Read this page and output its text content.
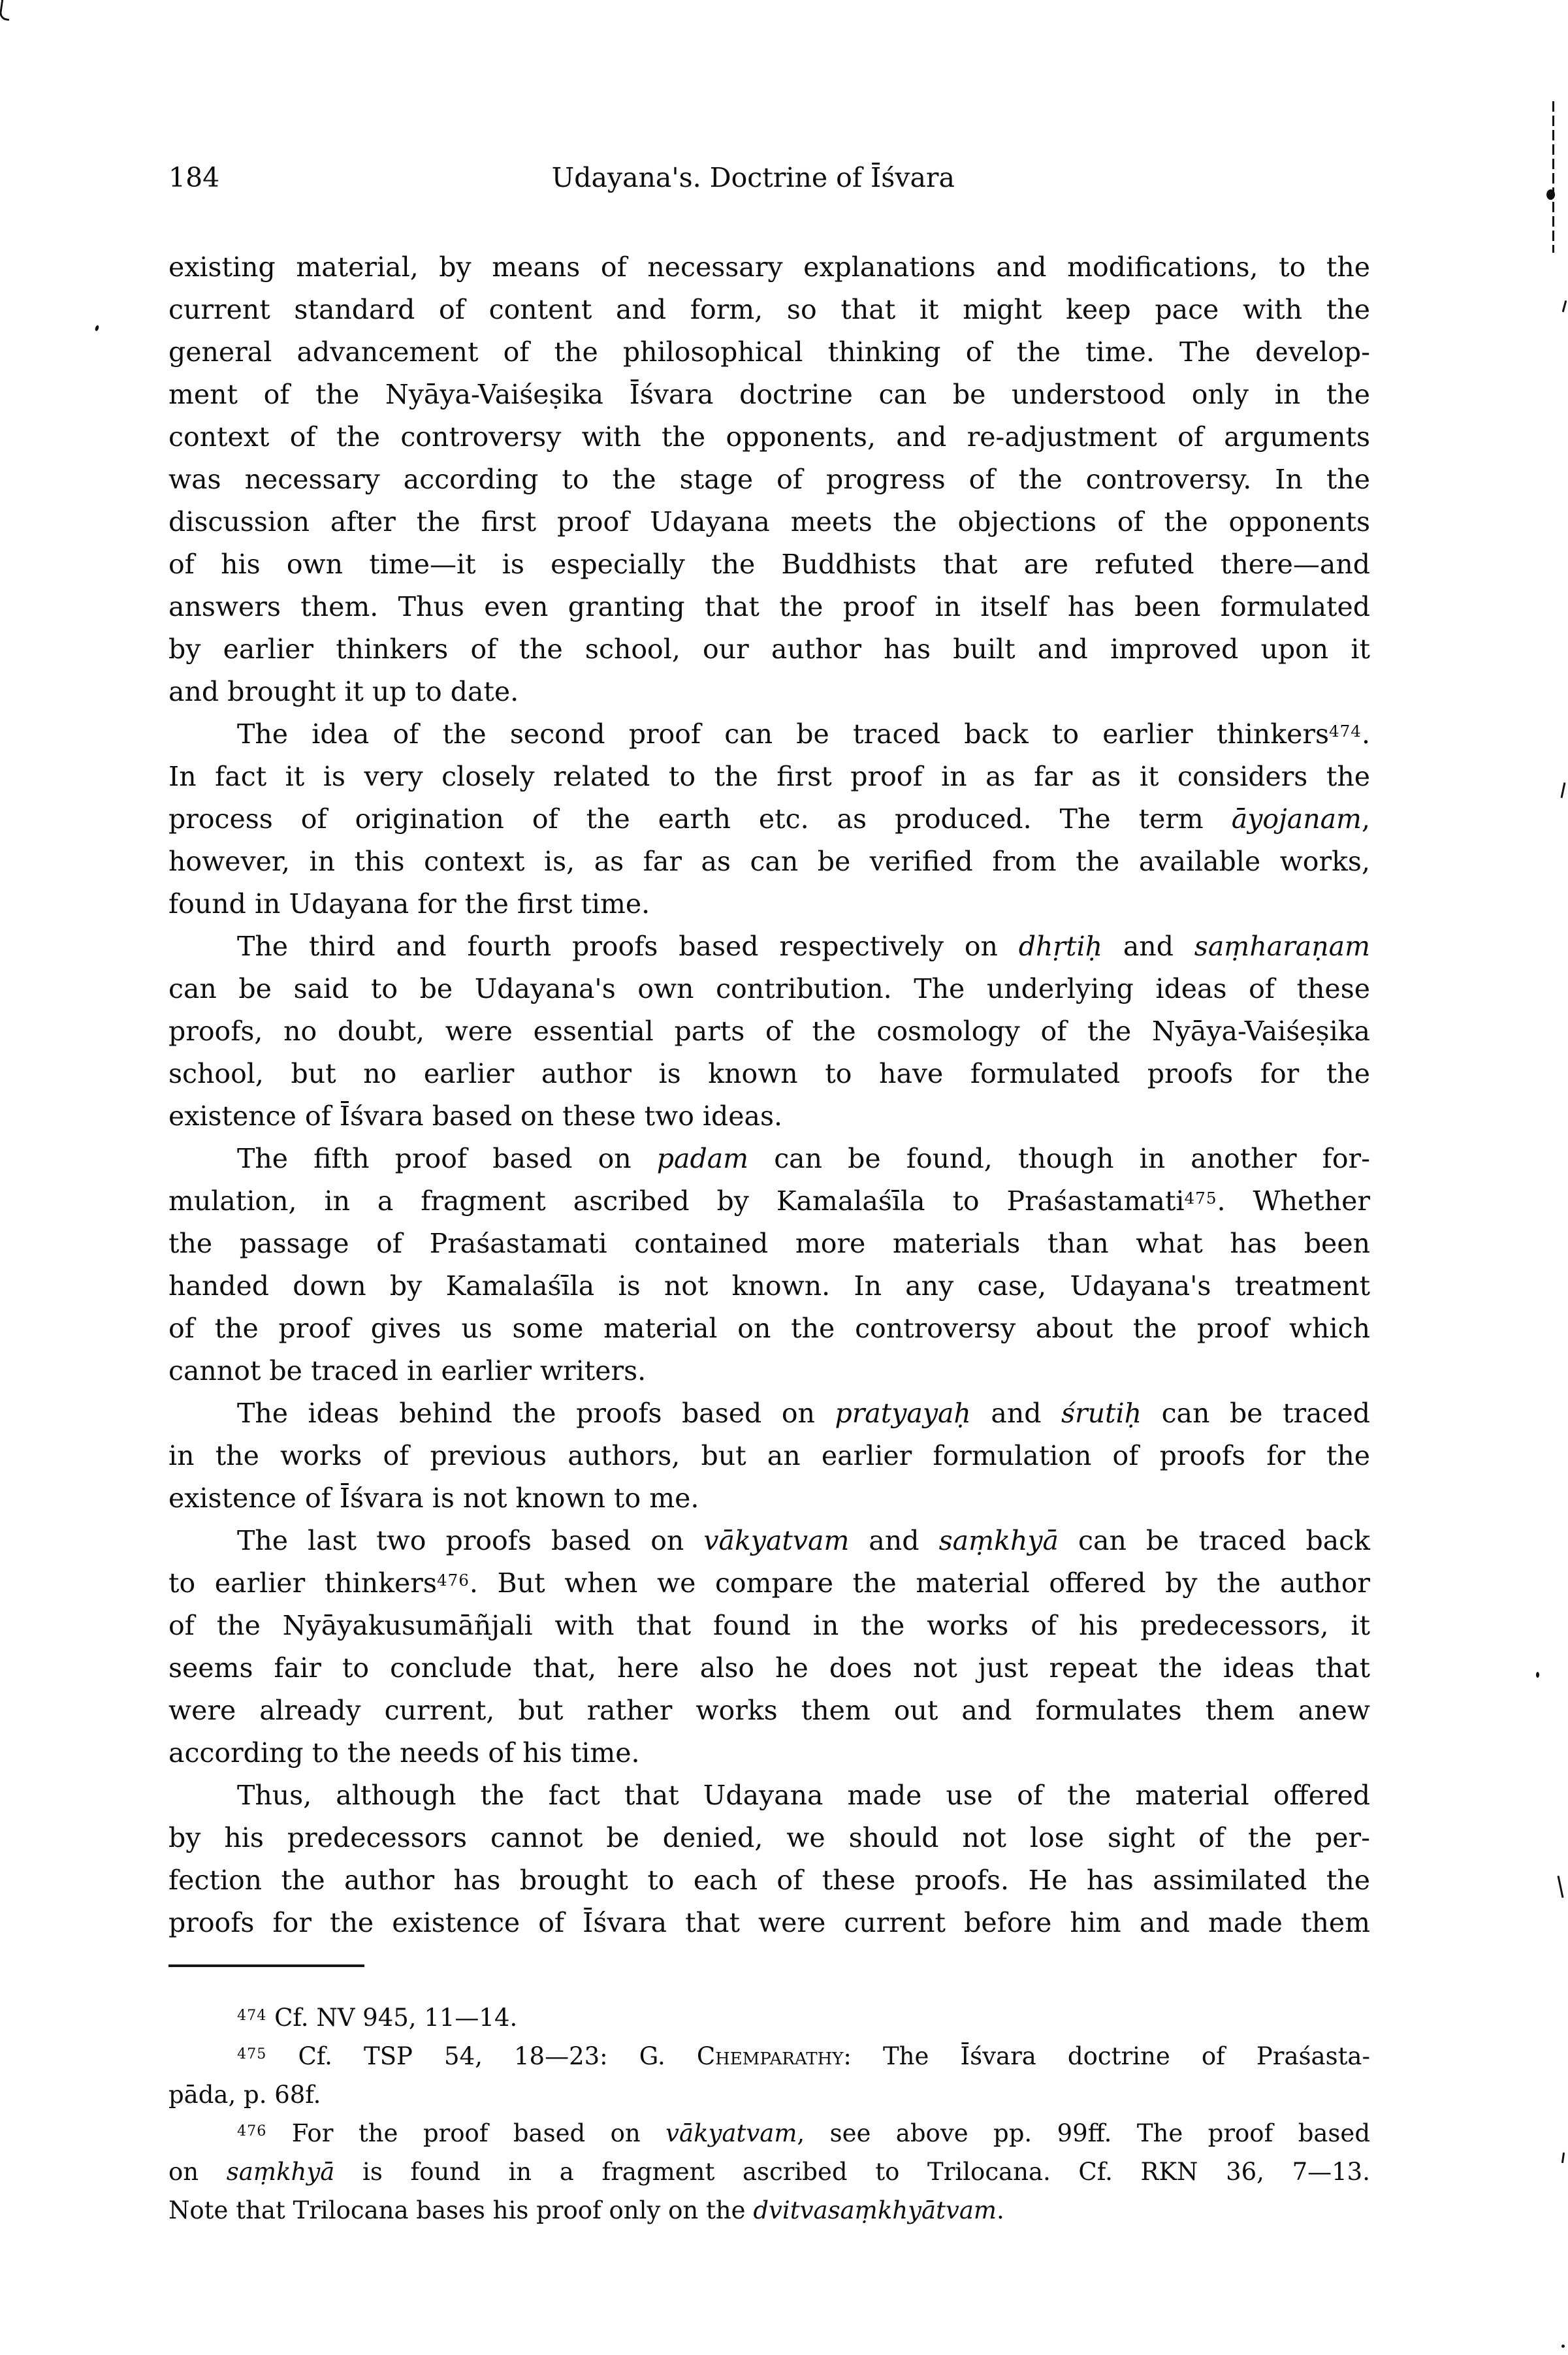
184	Udayana's. Doctrine of Īśvara
existing material, by means of necessary explanations and modifications, to the
current standard of content and form, so that it might keep pace with the
general advancement of the philosophical thinking of the time. The develop-
ment of the Nyāya-Vaiśeṣika Īśvara doctrine can be understood only in the
context of the controversy with the opponents, and re-adjustment of arguments
was necessary according to the stage of progress of the controversy. In the
discussion after the first proof Udayana meets the objections of the opponents
of his own time—it is especially the Buddhists that are refuted there—and
answers them. Thus even granting that the proof in itself has been formulated
by earlier thinkers of the school, our author has built and improved upon it
and brought it up to date.
The idea of the second proof can be traced back to earlier thinkers$^{474}$.
In fact it is very closely related to the first proof in as far as it considers the
process of origination of the earth etc. as produced. The term āyojanam,
however, in this context is, as far as can be verified from the available works,
found in Udayana for the first time.
The third and fourth proofs based respectively on dhṛtiḥ and saṃharaṇam
can be said to be Udayana's own contribution. The underlying ideas of these
proofs, no doubt, were essential parts of the cosmology of the Nyāya-Vaiśeṣika
school, but no earlier author is known to have formulated proofs for the
existence of Īśvara based on these two ideas.
The fifth proof based on padam can be found, though in another for-
mulation, in a fragment ascribed by Kamalaśīla to Praśastamati$^{475}$. Whether
the passage of Praśastamati contained more materials than what has been
handed down by Kamalaśīla is not known. In any case, Udayana's treatment
of the proof gives us some material on the controversy about the proof which
cannot be traced in earlier writers.
The ideas behind the proofs based on pratyayaḥ and śrutiḥ can be traced
in the works of previous authors, but an earlier formulation of proofs for the
existence of Īśvara is not known to me.
The last two proofs based on vākyatvam and saṃkhyā can be traced back
to earlier thinkers$^{476}$. But when we compare the material offered by the author
of the Nyāyakusumāñjali with that found in the works of his predecessors, it
seems fair to conclude that, here also he does not just repeat the ideas that
were already current, but rather works them out and formulates them anew
according to the needs of his time.
Thus, although the fact that Udayana made use of the material offered
by his predecessors cannot be denied, we should not lose sight of the per-
fection the author has brought to each of these proofs. He has assimilated the
proofs for the existence of Īśvara that were current before him and made them
$^{474}$ Cf. NV 945, 11—14.
$^{475}$ Cf. TSP 54, 18—23: G. Chemparathy: The Īśvara doctrine of Praśasta-
pāda, p. 68f.
$^{476}$ For the proof based on vākyatvam, see above pp. 99ff. The proof based
on saṃkhyā is found in a fragment ascribed to Trilocana. Cf. RKN 36, 7—13.
Note that Trilocana bases his proof only on the dvitvasaṃkhyātvam.
